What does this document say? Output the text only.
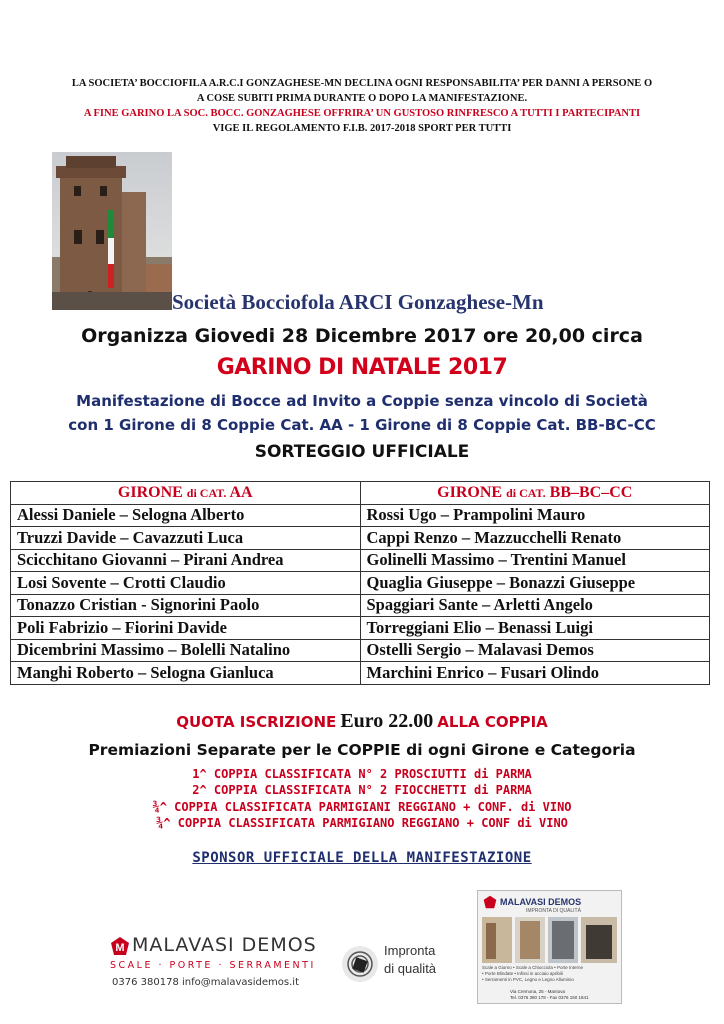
LA SOCIETA’ BOCCIOFILA A.R.C.I GONZAGHESE-MN DECLINA OGNI RESPONSABILITA’ PER DANNI A PERSONE O
A COSE SUBITI PRIMA DURANTE O DOPO LA MANIFESTAZIONE.
A FINE GARINO LA SOC. BOCC. GONZAGHESE OFFRIRA’ UN GUSTOSO RINFRESCO A TUTTI I PARTECIPANTI
VIGE IL REGOLAMENTO F.I.B. 2017-2018 SPORT PER TUTTI
Società Bocciofola ARCI Gonzaghese-Mn
Organizza Giovedi 28 Dicembre 2017 ore 20,00 circa
GARINO DI NATALE 2017
Manifestazione di Bocce ad Invito a Coppie senza vincolo di Società
con 1 Girone di 8 Coppie Cat. AA - 1 Girone di 8 Coppie Cat. BB-BC-CC
SORTEGGIO UFFICIALE
GIRONE di CAT. AA	GIRONE di CAT. BB–BC–CC
Alessi Daniele – Selogna Alberto	Rossi Ugo – Prampolini Mauro
Truzzi Davide – Cavazzuti Luca	Cappi Renzo – Mazzucchelli Renato
Scicchitano Giovanni – Pirani Andrea	Golinelli Massimo – Trentini Manuel
Losi Sovente – Crotti Claudio	Quaglia Giuseppe – Bonazzi Giuseppe
Tonazzo Cristian - Signorini Paolo	Spaggiari Sante – Arletti Angelo
Poli Fabrizio – Fiorini Davide	Torreggiani Elio – Benassi Luigi
Dicembrini Massimo – Bolelli Natalino	Ostelli Sergio – Malavasi Demos
Manghi Roberto – Selogna Gianluca	Marchini Enrico – Fusari Olindo
QUOTA ISCRIZIONE Euro 22.00 ALLA COPPIA
Premiazioni Separate per le COPPIE di ogni Girone e Categoria
1^ COPPIA CLASSIFICATA N° 2 PROSCIUTTI di PARMA
2^ COPPIA CLASSIFICATA N° 2 FIOCCHETTI di PARMA
¾^ COPPIA CLASSIFICATA PARMIGIANI REGGIANO + CONF. di VINO
¾^ COPPIA CLASSIFICATA PARMIGIANO REGGIANO + CONF di VINO
SPONSOR UFFICIALE DELLA MANIFESTAZIONE
M MALAVASI DEMOS
SCALE · PORTE · SERRAMENTI
0376 380178 info@malavasidemos.it
Impronta
di qualità
MALAVASI DEMOS
IMPRONTA DI QUALITÀ
Scale a Giorno • Scale a Chiocciola • Porte Interne
• Porte Blindate • Infissi in acciaio apribili
• Serramenti in PVC, Legno e Legno Alluminio
Via Cremona, 25 - Mantova
Tel. 0376 380 178 - Fax 0376 150 1841
